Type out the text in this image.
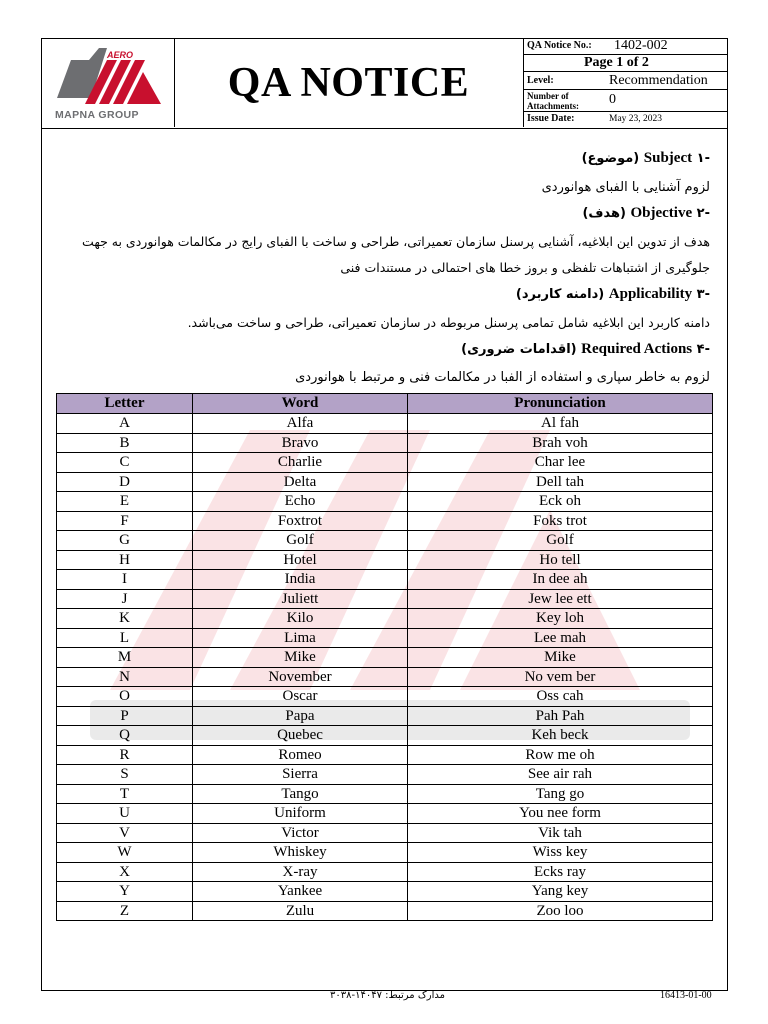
AERO
MAPNA GROUP
QA NOTICE
QA Notice No.: 1402-002
Page 1 of 2
Level:	Recommendation
Number of
Attachments: 0
Issue Date:	May 23, 2023
-۱ Subject (موضوع)
لزوم آشنایی با الفبای هوانوردی
-۲ Objective (هدف)
هدف از تدوین این ابلاغیه، آشنایی پرسنل سازمان تعمیراتی، طراحی و ساخت با الفبای رایج در مکالمات هوانوردی به جهت
جلوگیری از اشتباهات تلفظی و بروز خطا های احتمالی در مستندات فنی
-۳ Applicability (دامنه کاربرد)
دامنه کاربرد این ابلاغیه شامل تمامی پرسنل مربوطه در سازمان تعمیراتی، طراحی و ساخت می‌باشد.
-۴ Required Actions (اقدامات ضروری)
لزوم به خاطر سپاری و استفاده از الفبا در مکالمات فنی و مرتبط با هوانوردی
Letter	Word	Pronunciation
A	Alfa	Al fah
B	Bravo	Brah voh
C	Charlie	Char lee
D	Delta	Dell tah
E	Echo	Eck oh
F	Foxtrot	Foks trot
G	Golf	Golf
H	Hotel	Ho tell
I	India	In dee ah
J	Juliett	Jew lee ett
K	Kilo	Key loh
L	Lima	Lee mah
M	Mike	Mike
N	November	No vem ber
O	Oscar	Oss cah
P	Papa	Pah Pah
Q	Quebec	Keh beck
R	Romeo	Row me oh
S	Sierra	See air rah
T	Tango	Tang go
U	Uniform	You nee form
V	Victor	Vik tah
W	Whiskey	Wiss key
X	X-ray	Ecks ray
Y	Yankee	Yang key
Z	Zulu	Zoo loo
مدارک مرتبط: ۱۴۰۴۷-۳۰۳۸	16413-01-00
